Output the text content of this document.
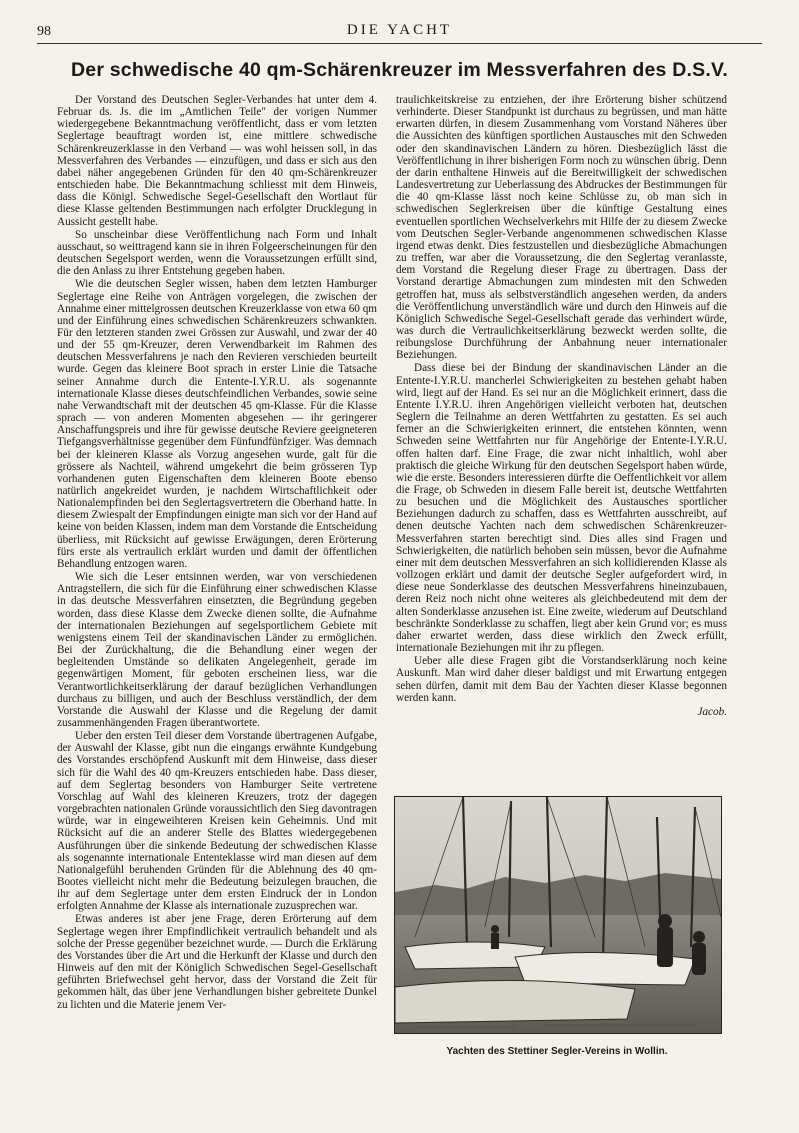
98	DIE YACHT
Der schwedische 40 qm-Schärenkreuzer im Messverfahren des D.S.V.

Der Vorstand des Deutschen Segler-Verbandes hat unter dem 4. Februar ds. Js. die im „Amtlichen Teile" der vorigen Nummer wiedergegebene Bekanntmachung veröffentlicht, dass er vom letzten Seglertage beauftragt worden ist, eine mittlere schwedische Schärenkreuzerklasse in den Verband — was wohl heissen soll, in das Messverfahren des Verbandes — einzufügen, und dass er sich aus den dabei näher angegebenen Gründen für den 40 qm-Schärenkreuzer entschieden habe. Die Bekanntmachung schliesst mit dem Hinweis, dass die Königl. Schwedische Segel-Gesellschaft den Wortlaut für diese Klasse geltenden Bestimmungen nach erfolgter Drucklegung in Aussicht gestellt habe.

So unscheinbar diese Veröffentlichung nach Form und Inhalt ausschaut, so weittragend kann sie in ihren Folgeerscheinungen für den deutschen Segelsport werden, wenn die Voraussetzungen erfüllt sind, die den Anlass zu ihrer Entstehung gegeben haben.

Wie die deutschen Segler wissen, haben dem letzten Hamburger Seglertage eine Reihe von Anträgen vorgelegen, die zwischen der Annahme einer mittelgrossen deutschen Kreuzerklasse von etwa 60 qm und der Einführung eines schwedischen Schärenkreuzers schwankten. Für den letzteren standen zwei Grössen zur Auswahl, und zwar der 40 und der 55 qm-Kreuzer, deren Verwendbarkeit im Rahmen des deutschen Messverfahrens je nach den Revieren verschieden beurteilt wurde. Gegen das kleinere Boot sprach in erster Linie die Tatsache seiner Annahme durch die Entente-I.Y.R.U. als sogenannte internationale Klasse dieses deutschfeindlichen Verbandes, sowie seine nahe Verwandtschaft mit der deutschen 45 qm-Klasse. Für die Klasse sprach — von anderen Momenten abgesehen — ihr geringerer Anschaffungspreis und ihre für gewisse deutsche Reviere geeigneteren Tiefgangsverhältnisse gegenüber dem Fünfundfünfziger. Was demnach bei der kleineren Klasse als Vorzug angesehen wurde, galt für die grössere als Nachteil, während umgekehrt die beim grösseren Typ vorhandenen guten Eigenschaften dem kleineren Boote ebenso natürlich angekreidet wurden, je nachdem Wirtschaftlichkeit oder Nationalempfinden bei den Seglertagsvertretern die Oberhand hatte. In diesem Zwiespalt der Empfindungen einigte man sich vor der Hand auf keine von beiden Klassen, indem man dem Vorstande die Entscheidung überliess, mit Rücksicht auf gewisse Erwägungen, deren Erörterung fürs erste als vertraulich erklärt wurden und damit der öffentlichen Behandlung entzogen waren.

Wie sich die Leser entsinnen werden, war von verschiedenen Antragstellern, die sich für die Einführung einer schwedischen Klasse in das deutsche Messverfahren einsetzten, die Begründung gegeben worden, dass diese Klasse dem Zwecke dienen sollte, die Aufnahme der internationalen Beziehungen auf segelsportlichem Gebiete mit wenigstens einem Teil der skandinavischen Länder zu ermöglichen. Bei der Zurückhaltung, die die Behandlung einer wegen der begleitenden Umstände so delikaten Angelegenheit, gerade im gegenwärtigen Moment, für geboten erscheinen liess, war die Verantwortlichkeitserklärung der darauf bezüglichen Verhandlungen durchaus zu billigen, und auch der Beschluss verständlich, der dem Vorstande die Auswahl der Klasse und die Regelung der damit zusammenhängenden Fragen überantwortete.

Ueber den ersten Teil dieser dem Vorstande übertragenen Aufgabe, der Auswahl der Klasse, gibt nun die eingangs erwähnte Kundgebung des Vorstandes erschöpfend Auskunft mit dem Hinweise, dass dieser sich für die Wahl des 40 qm-Kreuzers entschieden habe. Dass dieser, auf dem Seglertag besonders von Hamburger Seite vertretene Vorschlag auf Wahl des kleineren Kreuzers, trotz der dagegen vorgebrachten nationalen Gründe voraussichtlich den Sieg davontragen würde, war in eingeweihteren Kreisen kein Geheimnis. Und mit Rücksicht auf die an anderer Stelle des Blattes wiedergegebenen Ausführungen über die sinkende Bedeutung der schwedischen Klasse als sogenannte internationale Ententeklasse wird man diesen auf dem Nationalgefühl beruhenden Gründen für die Ablehnung des 40 qm-Bootes vielleicht nicht mehr die Bedeutung beizulegen brauchen, die ihr auf dem Seglertage unter dem ersten Eindruck der in London erfolgten Annahme der Klasse als internationale zuzusprechen war.

Etwas anderes ist aber jene Frage, deren Erörterung auf dem Seglertage wegen ihrer Empfindlichkeit vertraulich behandelt und als solche der Presse gegenüber bezeichnet wurde. — Durch die Erklärung des Vorstandes über die Art und die Herkunft der Klasse und durch den Hinweis auf den mit der Königlich Schwedischen Segel-Gesellschaft geführten Briefwechsel geht hervor, dass der Vorstand die Zeit für gekommen hält, das über jene Verhandlungen bisher gebreitete Dunkel zu lichten und die Materie jenem Ver-

traulichkeitskreise zu entziehen, der ihre Erörterung bisher schützend verhinderte. Dieser Standpunkt ist durchaus zu begrüssen, und man hätte erwarten dürfen, in diesem Zusammenhang vom Vorstand Näheres über die Aussichten des künftigen sportlichen Austausches mit den Schweden oder den skandinavischen Ländern zu hören. Diesbezüglich lässt die Veröffentlichung in ihrer bisherigen Form noch zu wünschen übrig. Denn der darin enthaltene Hinweis auf die Bereitwilligkeit der schwedischen Landesvertretung zur Ueberlassung des Abdruckes der Bestimmungen für die 40 qm-Klasse lässt noch keine Schlüsse zu, ob man sich in schwedischen Seglerkreisen über die künftige Gestaltung eines eventuellen sportlichen Wechselverkehrs mit Hilfe der zu diesem Zwecke vom Deutschen Segler-Verbande angenommenen schwedischen Klasse irgend etwas denkt. Dies festzustellen und diesbezügliche Abmachungen zu treffen, war aber die Voraussetzung, die den Seglertag veranlasste, dem Vorstand die Regelung dieser Frage zu übertragen. Dass der Vorstand derartige Abmachungen zum mindesten mit den Schweden getroffen hat, muss als selbstverständlich angesehen werden, da anders die Veröffentlichung unverständlich wäre und durch den Hinweis auf die Königlich Schwedische Segel-Gesellschaft gerade das verhindert würde, was durch die Vertraulichkeitserklärung bezweckt werden sollte, die reibungslose Durchführung der Anbahnung neuer internationaler Beziehungen.

Dass diese bei der Bindung der skandinavischen Länder an die Entente-I.Y.R.U. mancherlei Schwierigkeiten zu bestehen gehabt haben wird, liegt auf der Hand. Es sei nur an die Möglichkeit erinnert, dass die Entente I.Y.R.U. ihren Angehörigen vielleicht verboten hat, deutschen Seglern die Teilnahme an deren Wettfahrten zu gestatten. Es sei auch ferner an die Schwierigkeiten erinnert, die entstehen könnten, wenn Schweden seine Wettfahrten nur für Angehörige der Entente-I.Y.R.U. offen halten darf. Eine Frage, die zwar nicht inhaltlich, wohl aber praktisch die gleiche Wirkung für den deutschen Segelsport haben würde, wie die erste. Besonders interessieren dürfte die Oeffentlichkeit vor allem die Frage, ob Schweden in diesem Falle bereit ist, deutsche Wettfahrten zu besuchen und die Möglichkeit des Austausches sportlicher Beziehungen dadurch zu schaffen, dass es Wettfahrten ausschreibt, auf denen deutsche Yachten nach dem schwedischen Schärenkreuzer-Messverfahren starten berechtigt sind. Dies alles sind Fragen und Schwierigkeiten, die natürlich behoben sein müssen, bevor die Aufnahme einer mit dem deutschen Messverfahren an sich kollidierenden Klasse als vollzogen erklärt und damit der deutsche Segler aufgefordert wird, in diese neue Sonderklasse des deutschen Messverfahrens hineinzubauen, deren Reiz noch nicht ohne weiteres als gleichbedeutend mit dem der alten Sonderklasse anzusehen ist. Eine zweite, wiederum auf Deutschland beschränkte Sonderklasse zu schaffen, liegt aber kein Grund vor; es muss daher erwartet werden, dass diese wirklich den Zweck erfüllt, internationale Beziehungen mit ihr zu pflegen.

Ueber alle diese Fragen gibt die Vorstandserklärung noch keine Auskunft. Man wird daher dieser baldigst und mit Erwartung entgegen sehen dürfen, damit mit dem Bau der Yachten dieser Klasse begonnen werden kann.

Jacob.
Yachten des Stettiner Segler-Vereins in Wollin.
